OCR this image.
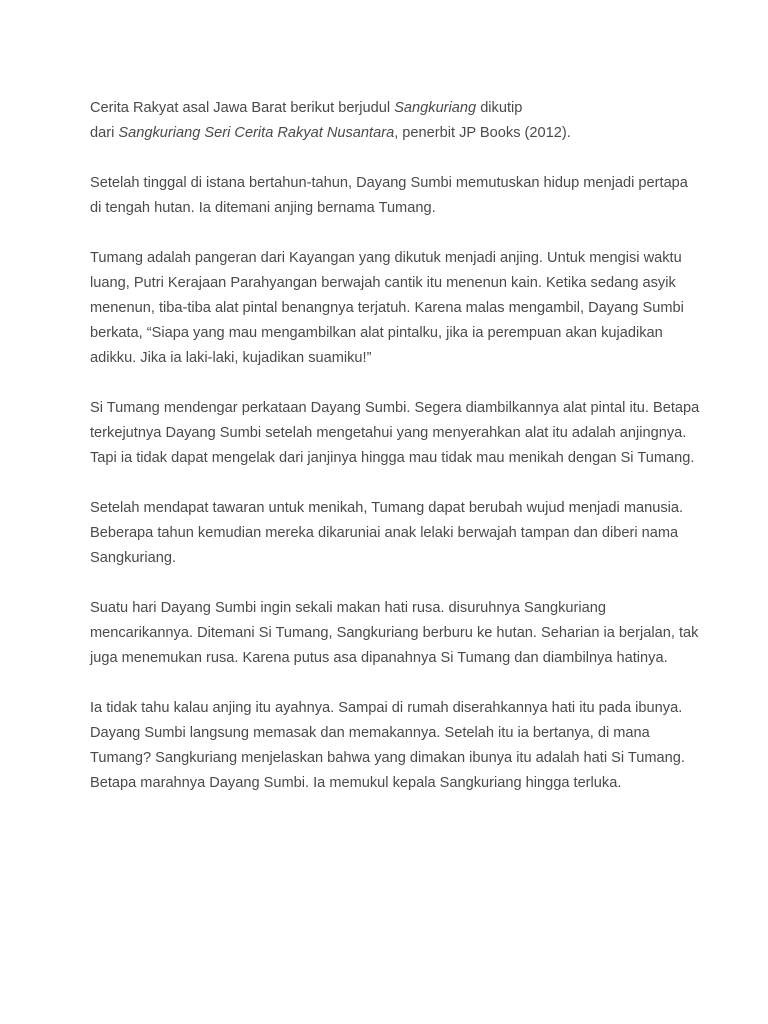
Cerita Rakyat asal Jawa Barat berikut berjudul Sangkuriang dikutip
dari Sangkuriang Seri Cerita Rakyat Nusantara, penerbit JP Books (2012).

Setelah tinggal di istana bertahun-tahun, Dayang Sumbi memutuskan hidup menjadi pertapa di tengah hutan. Ia ditemani anjing bernama Tumang.

Tumang adalah pangeran dari Kayangan yang dikutuk menjadi anjing. Untuk mengisi waktu luang, Putri Kerajaan Parahyangan berwajah cantik itu menenun kain. Ketika sedang asyik menenun, tiba-tiba alat pintal benangnya terjatuh. Karena malas mengambil, Dayang Sumbi berkata, “Siapa yang mau mengambilkan alat pintalku, jika ia perempuan akan kujadikan adikku. Jika ia laki-laki, kujadikan suamiku!”

Si Tumang mendengar perkataan Dayang Sumbi. Segera diambilkannya alat pintal itu. Betapa terkejutnya Dayang Sumbi setelah mengetahui yang menyerahkan alat itu adalah anjingnya. Tapi ia tidak dapat mengelak dari janjinya hingga mau tidak mau menikah dengan Si Tumang.

Setelah mendapat tawaran untuk menikah, Tumang dapat berubah wujud menjadi manusia. Beberapa tahun kemudian mereka dikaruniai anak lelaki berwajah tampan dan diberi nama Sangkuriang.

Suatu hari Dayang Sumbi ingin sekali makan hati rusa. disuruhnya Sangkuriang mencarikannya. Ditemani Si Tumang, Sangkuriang berburu ke hutan. Seharian ia berjalan, tak juga menemukan rusa. Karena putus asa dipanahnya Si Tumang dan diambilnya hatinya.

Ia tidak tahu kalau anjing itu ayahnya. Sampai di rumah diserahkannya hati itu pada ibunya. Dayang Sumbi langsung memasak dan memakannya. Setelah itu ia bertanya, di mana Tumang? Sangkuriang menjelaskan bahwa yang dimakan ibunya itu adalah hati Si Tumang. Betapa marahnya Dayang Sumbi. Ia memukul kepala Sangkuriang hingga terluka.
